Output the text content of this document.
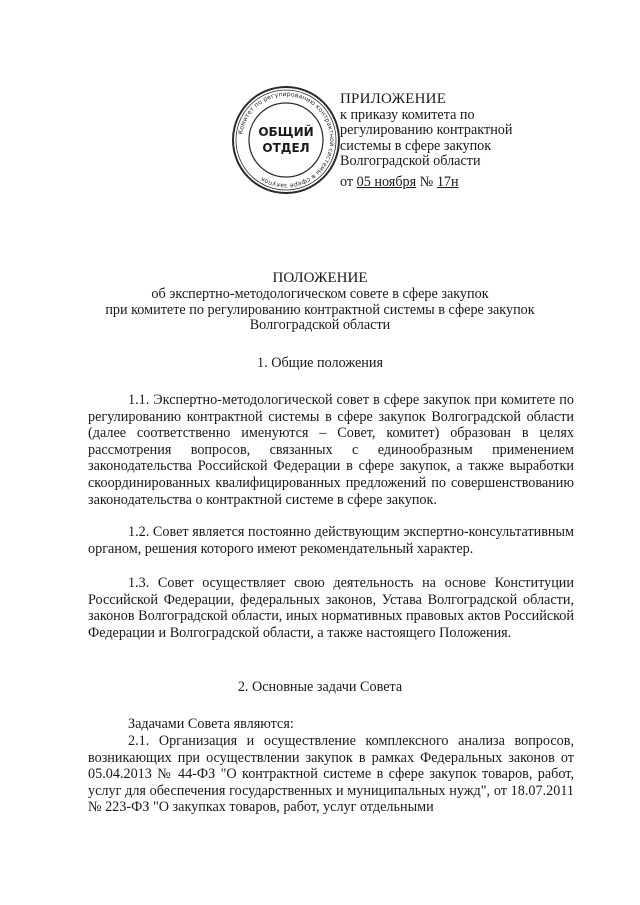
Комитет по регулированию контрактной системы в сфере закупок
ОБЩИЙ
ОТДЕЛ
ПРИЛОЖЕНИЕ
к приказу комитета по
регулированию контрактной
системы в сфере закупок
Волгоградской области
от 05 ноября № 17н
ПОЛОЖЕНИЕ
об экспертно-методологическом совете в сфере закупок
при комитете по регулированию контрактной системы в сфере закупок
Волгоградской области
1. Общие положения
1.1. Экспертно-методологической совет в сфере закупок при комитете по регулированию контрактной системы в сфере закупок Волгоградской области (далее соответственно именуются – Совет, комитет) образован в целях рассмотрения вопросов, связанных с единообразным применением законодательства Российской Федерации в сфере закупок, а также выработки скоординированных квалифицированных предложений по совершенствованию законодательства о контрактной системе в сфере закупок.
1.2. Совет является постоянно действующим экспертно-консультативным органом, решения которого имеют рекомендательный характер.
1.3. Совет осуществляет свою деятельность на основе Конституции Российской Федерации, федеральных законов, Устава Волгоградской области, законов Волгоградской области, иных нормативных правовых актов Российской Федерации и Волгоградской области, а также настоящего Положения.
2. Основные задачи Совета
Задачами Совета являются:
2.1. Организация и осуществление комплексного анализа вопросов, возникающих при осуществлении закупок в рамках Федеральных законов от 05.04.2013 № 44-ФЗ "О контрактной системе в сфере закупок товаров, работ, услуг для обеспечения государственных и муниципальных нужд", от 18.07.2011 № 223-ФЗ "О закупках товаров, работ, услуг отдельными
